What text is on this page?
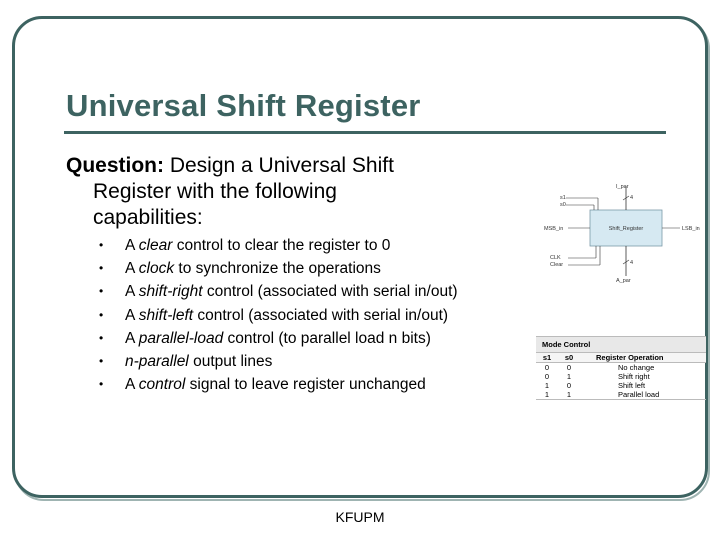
Universal Shift Register

Question: Design a Universal Shift
Register with the following
capabilities:

• A clear control to clear the register to 0
• A clock to synchronize the operations
• A shift-right control (associated with serial in/out)
• A shift-left control (associated with serial in/out)
• A parallel-load control (to parallel load n bits)
• n-parallel output lines
• A control signal to leave register unchanged
Shift_Register
4
I_par
4
A_par
s1
s0
MSB_in	LSB_in
CLK
Clear
Mode Control
s1	s0	Register Operation
0	0	No change
0	1	Shift right
1	0	Shift left
1	1	Parallel load
KFUPM
